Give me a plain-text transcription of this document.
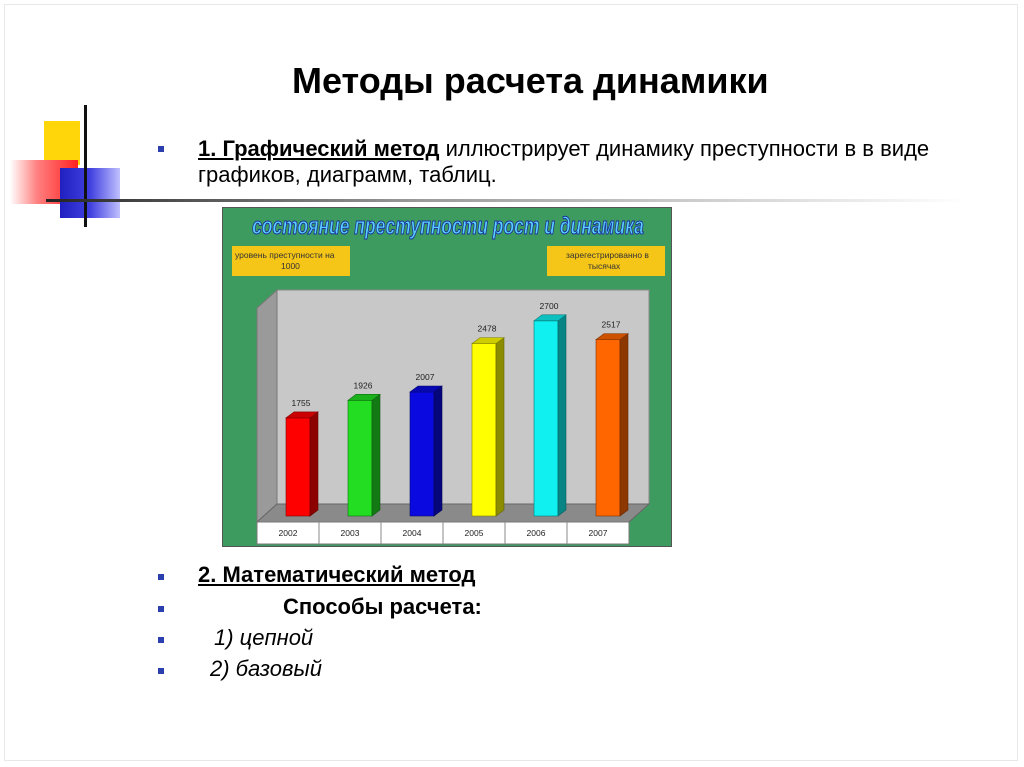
Методы расчета динамики
1. Графический метод иллюстрирует динамику преступности в в виде графиков, диаграмм, таблиц.
состояние преступности рост и динамика
уровень преступности на 1000
зарегестрированно в тысячах
1755
2002
1926
2003
2007
2004
2478
2005
2700
2006
2517
2007
2. Математический метод
Способы расчета:
1) цепной
2) базовый
